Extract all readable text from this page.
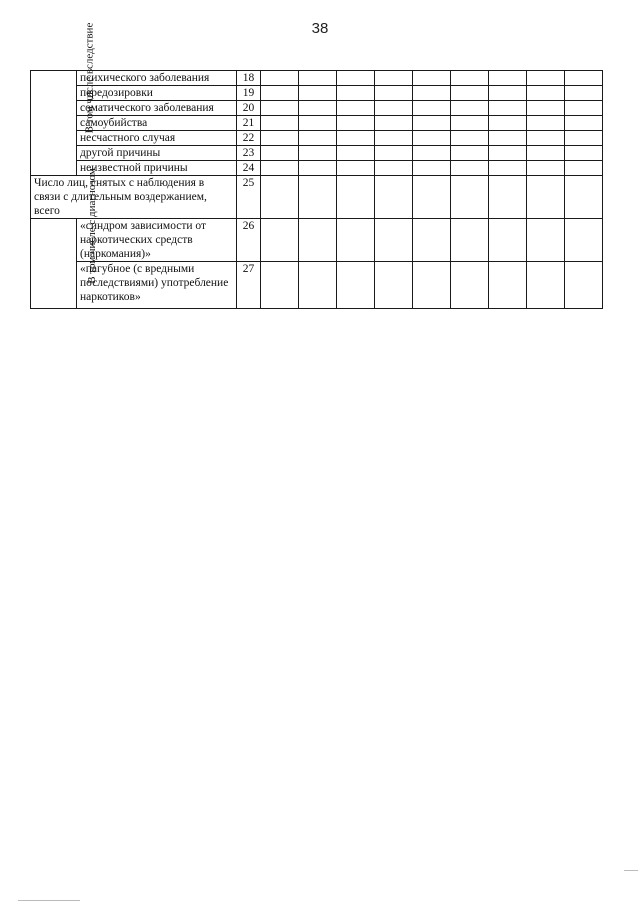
38
В том числе вследствие	психического заболевания	18									
	передозировки	19									
	соматического заболевания	20									
	самоубийства	21									
	несчастного случая	22									
	другой причины	23									
	неизвестной причины	24									
Число лиц, снятых с наблюдения в связи с длительным воздержанием, всего		25									
В том числе с диагнозом	«синдром зависимости от наркотических средств (наркомания)»	26									
	«пагубное (с вредными последствиями) употребление наркотиков»	27									
